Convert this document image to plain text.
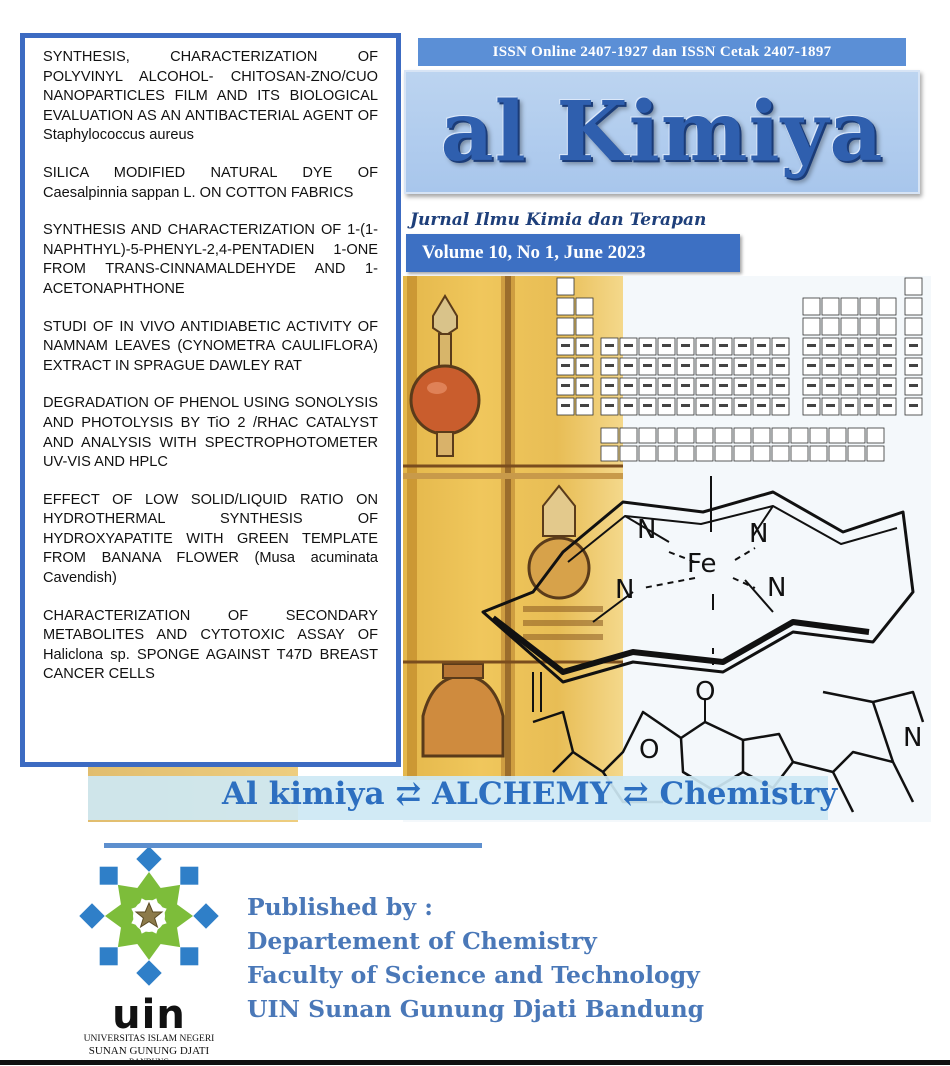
ISSN Online 2407-1927 dan ISSN Cetak 2407-1897
al Kimiya
Jurnal Ilmu Kimia dan Terapan
Volume 10, No 1, June 2023
Fe
N	N
N	N
O
O	N
Al kimiya ⇄ ALCHEMY ⇄ Chemistry
SYNTHESIS, CHARACTERIZATION OF POLYVINYL ALCOHOL- CHITOSAN-ZNO/CUO NANOPARTICLES FILM AND ITS BIOLOGICAL EVALUATION AS AN ANTIBACTERIAL AGENT OF Staphylococcus aureus
SILICA MODIFIED NATURAL DYE OF Caesalpinnia sappan L. ON COTTON FABRICS
SYNTHESIS AND CHARACTERIZATION OF 1-(1-NAPHTHYL)-5-PHENYL-2,4-PENTADIEN 1-ONE FROM TRANS-CINNAMALDEHYDE AND 1-ACETONAPHTHONE
STUDI OF IN VIVO ANTIDIABETIC ACTIVITY OF NAMNAM LEAVES (CYNOMETRA CAULIFLORA) EXTRACT IN SPRAGUE DAWLEY RAT
DEGRADATION OF PHENOL USING SONOLYSIS AND PHOTOLYSIS BY TiO 2 /RHAC CATALYST AND ANALYSIS WITH SPECTROPHOTOMETER UV-VIS AND HPLC
EFFECT OF LOW SOLID/LIQUID RATIO ON HYDROTHERMAL SYNTHESIS OF HYDROXYAPATITE WITH GREEN TEMPLATE FROM BANANA FLOWER (Musa acuminata Cavendish)
CHARACTERIZATION OF SECONDARY METABOLITES AND CYTOTOXIC ASSAY OF Haliclona sp. SPONGE AGAINST T47D BREAST CANCER CELLS
uin
UNIVERSITAS ISLAM NEGERI
SUNAN GUNUNG DJATI
Published by :
Departement of Chemistry
Faculty of Science and Technology
UIN Sunan Gunung Djati Bandung
